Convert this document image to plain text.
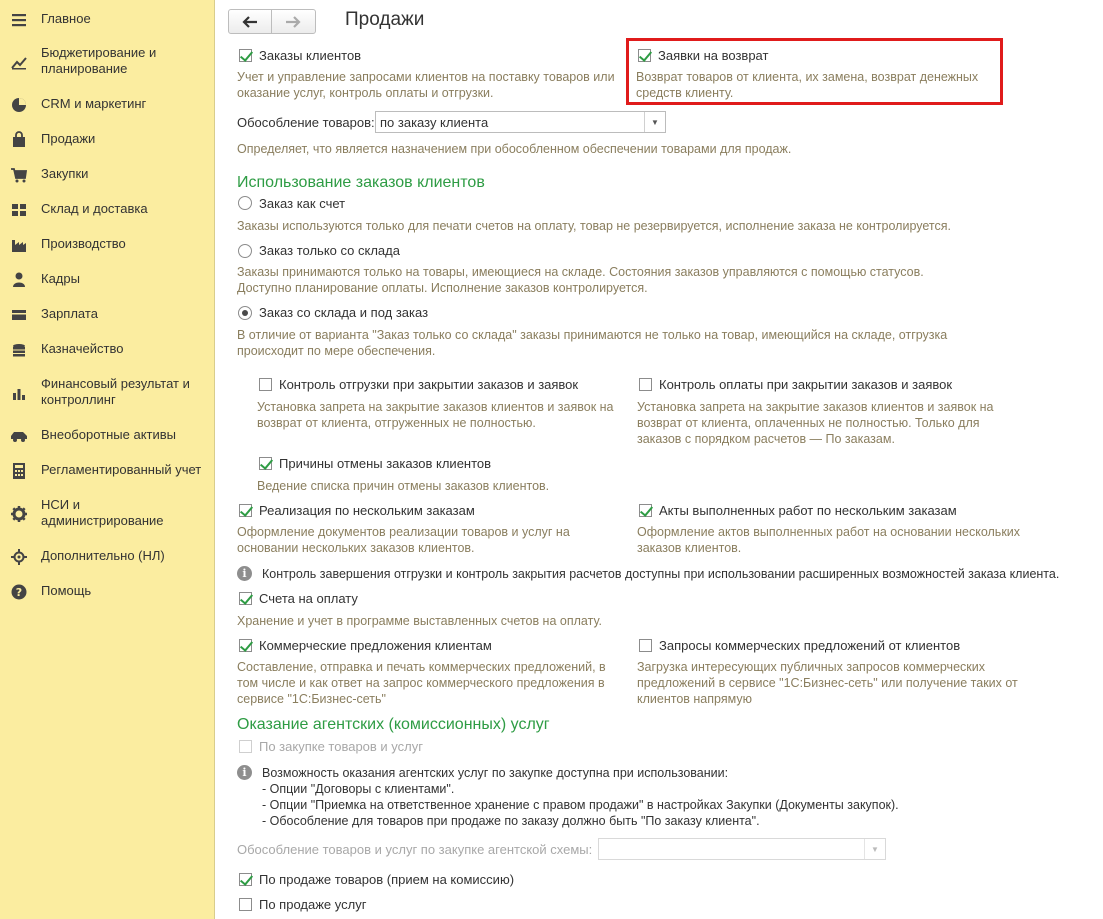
Главное
Бюджетирование и
планирование
CRM и маркетинг
Продажи
Закупки
Склад и доставка
Производство
Кадры
Зарплата
Казначейство
Финансовый результат и
контроллинг
Внеоборотные активы
Регламентированный учет
НСИ и
администрирование
Дополнительно (НЛ)
? Помощь
Продажи
Заказы клиентов
Учет и управление запросами клиентов на поставку товаров или
оказание услуг, контроль оплаты и отгрузки.
Заявки на возврат
Возврат товаров от клиента, их замена, возврат денежных
средств клиенту.
Обособление товаров: по заказу клиента	▼
Определяет, что является назначением при обособленном обеспечении товарами для продаж.
Использование заказов клиентов
Заказ как счет
Заказы используются только для печати счетов на оплату, товар не резервируется, исполнение заказа не контролируется.
Заказ только со склада
Заказы принимаются только на товары, имеющиеся на складе. Состояния заказов управляются с помощью статусов.
Доступно планирование оплаты. Исполнение заказов контролируется.
Заказ со склада и под заказ
В отличие от варианта "Заказ только со склада" заказы принимаются не только на товар, имеющийся на складе, отгрузка
происходит по мере обеспечения.
Контроль отгрузки при закрытии заказов и заявок
Установка запрета на закрытие заказов клиентов и заявок на
возврат от клиента, отгруженных не полностью.
Контроль оплаты при закрытии заказов и заявок
Установка запрета на закрытие заказов клиентов и заявок на
возврат от клиента, оплаченных не полностью. Только для
заказов с порядком расчетов — По заказам.
Причины отмены заказов клиентов
Ведение списка причин отмены заказов клиентов.
Реализация по нескольким заказам
Оформление документов реализации товаров и услуг на
основании нескольких заказов клиентов.
Акты выполненных работ по нескольким заказам
Оформление актов выполненных работ на основании нескольких
заказов клиентов.
i	Контроль завершения отгрузки и контроль закрытия расчетов доступны при использовании расширенных возможностей заказа клиента.
Счета на оплату
Хранение и учет в программе выставленных счетов на оплату.
Коммерческие предложения клиентам
Составление, отправка и печать коммерческих предложений, в
том числе и как ответ на запрос коммерческого предложения в
сервисе "1С:Бизнес-сеть"
Запросы коммерческих предложений от клиентов
Загрузка интересующих публичных запросов коммерческих
предложений в сервисе "1С:Бизнес-сеть" или получение таких от
клиентов напрямую
Оказание агентских (комиссионных) услуг
По закупке товаров и услуг
i	Возможность оказания агентских услуг по закупке доступна при использовании:
- Опции "Договоры с клиентами".
- Опции "Приемка на ответственное хранение с правом продажи" в настройках Закупки (Документы закупок).
- Обособление для товаров при продаже по заказу должно быть "По заказу клиента".
Обособление товаров и услуг по закупке агентской схемы:	▼
По продаже товаров (прием на комиссию)
По продаже услуг
